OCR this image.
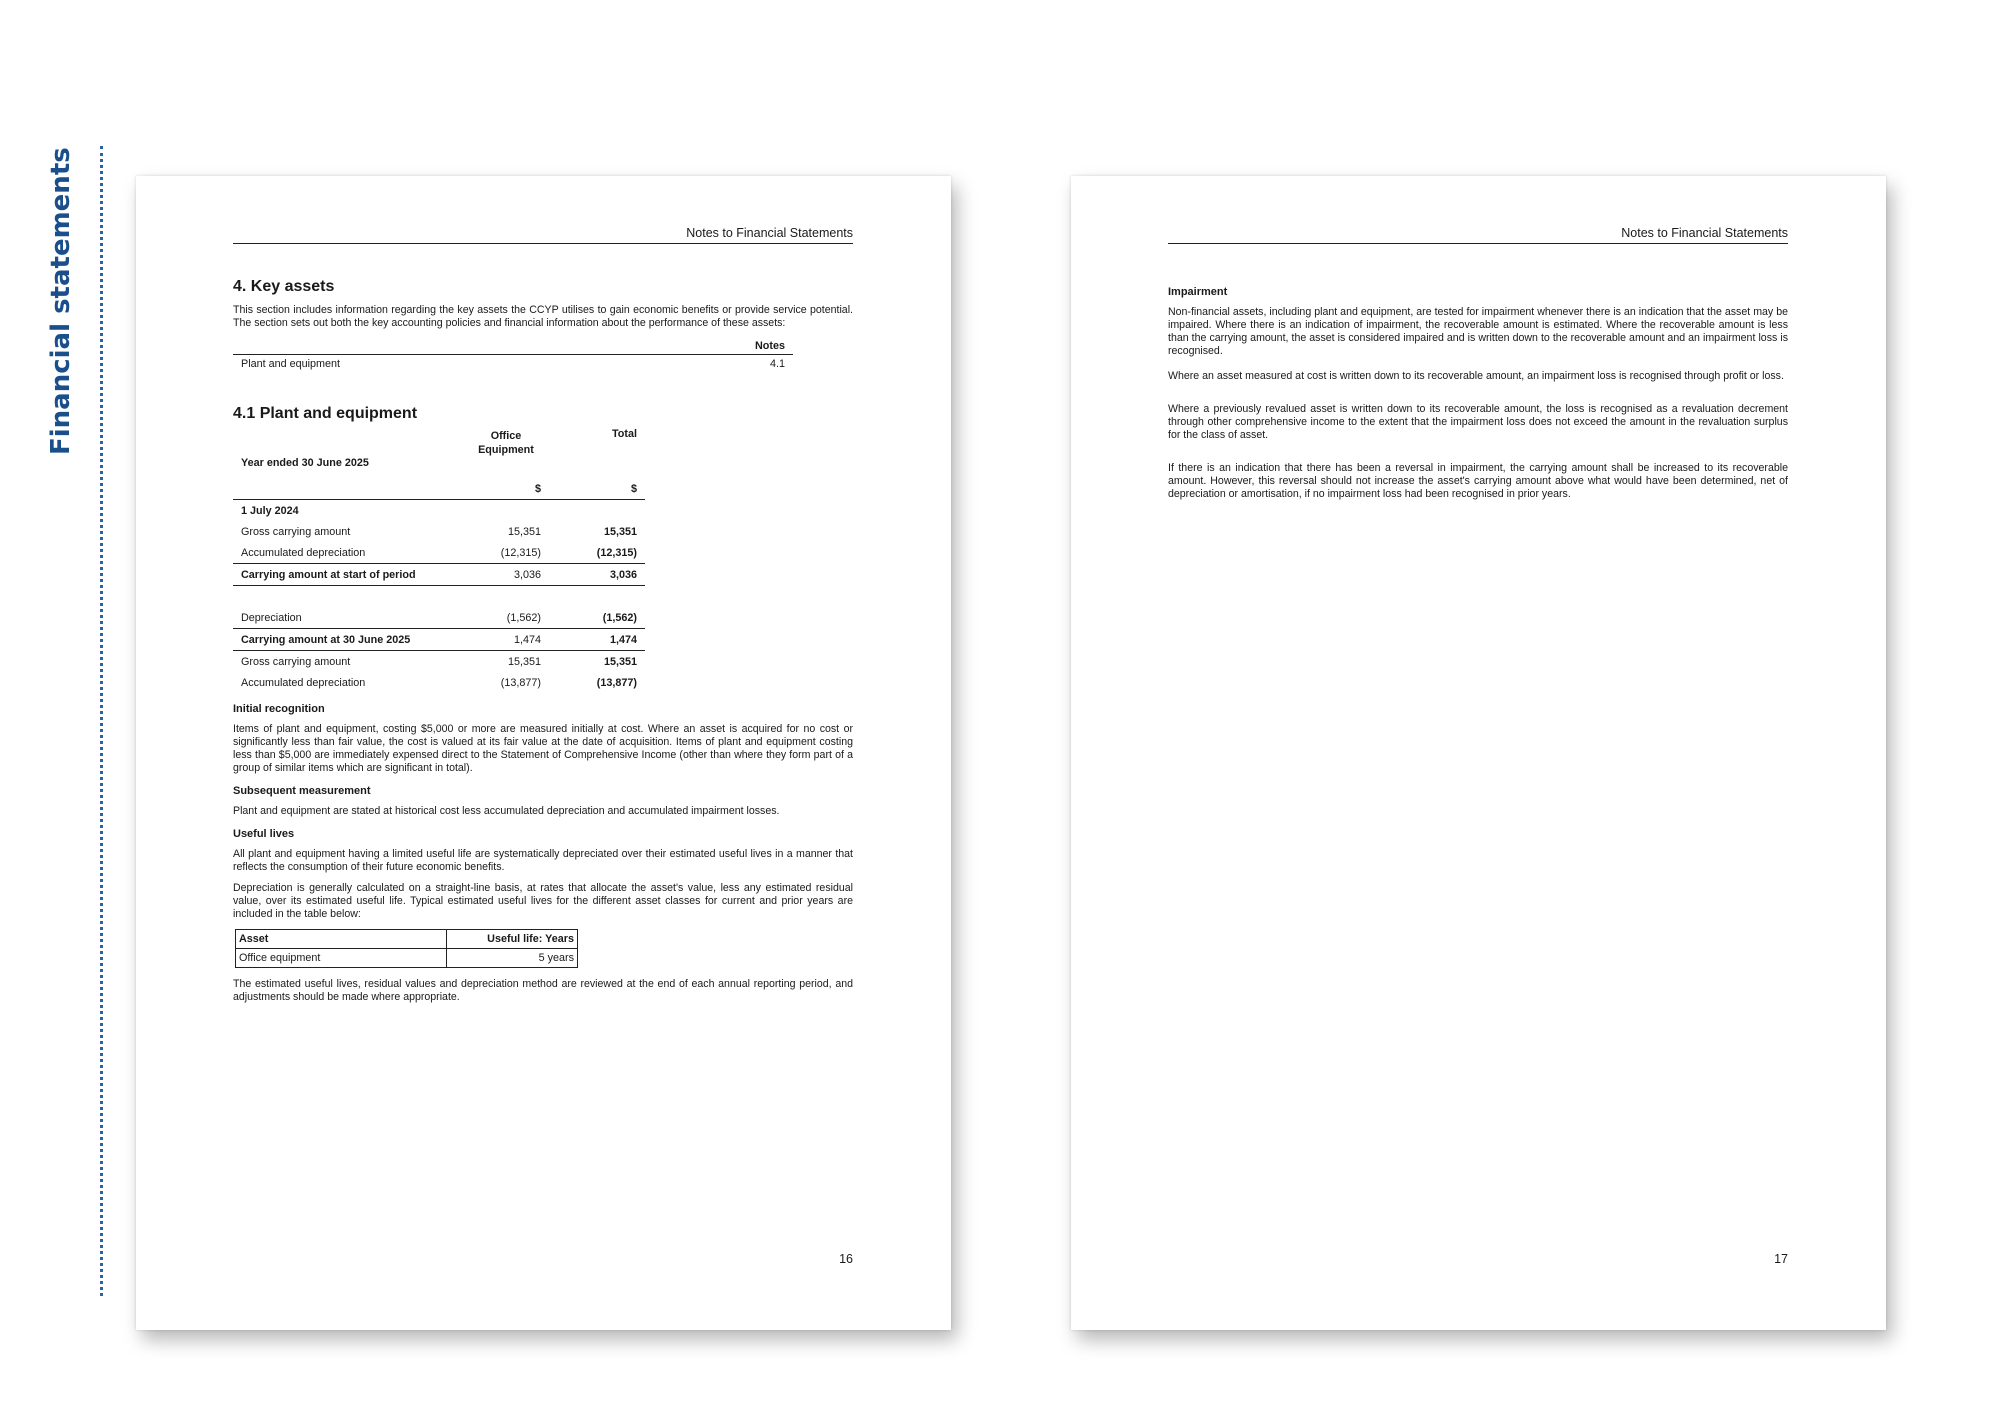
Financial statements	Notes to Financial Statements
4. Key assets

This section includes information regarding the key assets the CCYP utilises to gain economic benefits or provide service potential. The section sets out both the key accounting policies and financial information about the performance of these assets:

Notes
Plant and equipment	4.1
4.1 Plant and equipment
	Office Equipment	Total
Year ended 30 June 2025		
	$	$
1 July 2024		
Gross carrying amount	15,351	15,351
Accumulated depreciation	(12,315)	(12,315)
Carrying amount at start of period	3,036	3,036

Depreciation	(1,562)	(1,562)
Carrying amount at 30 June 2025	1,474	1,474
Gross carrying amount	15,351	15,351
Accumulated depreciation	(13,877)	(13,877)

Initial recognition

Items of plant and equipment, costing $5,000 or more are measured initially at cost. Where an asset is acquired for no cost or significantly less than fair value, the cost is valued at its fair value at the date of acquisition. Items of plant and equipment costing less than $5,000 are immediately expensed direct to the Statement of Comprehensive Income (other than where they form part of a group of similar items which are significant in total).

Subsequent measurement

Plant and equipment are stated at historical cost less accumulated depreciation and accumulated impairment losses.

Useful lives

All plant and equipment having a limited useful life are systematically depreciated over their estimated useful lives in a manner that reflects the consumption of their future economic benefits.

Depreciation is generally calculated on a straight-line basis, at rates that allocate the asset's value, less any estimated residual value, over its estimated useful life. Typical estimated useful lives for the different asset classes for current and prior years are included in the table below:

Asset	Useful life: Years
Office equipment	5 years

The estimated useful lives, residual values and depreciation method are reviewed at the end of each annual reporting period, and adjustments should be made where appropriate.

16
Notes to Financial Statements

Impairment

Non-financial assets, including plant and equipment, are tested for impairment whenever there is an indication that the asset may be impaired. Where there is an indication of impairment, the recoverable amount is estimated. Where the recoverable amount is less than the carrying amount, the asset is considered impaired and is written down to the recoverable amount and an impairment loss is recognised.

Where an asset measured at cost is written down to its recoverable amount, an impairment loss is recognised through profit or loss.

Where a previously revalued asset is written down to its recoverable amount, the loss is recognised as a revaluation decrement through other comprehensive income to the extent that the impairment loss does not exceed the amount in the revaluation surplus for the class of asset.

If there is an indication that there has been a reversal in impairment, the carrying amount shall be increased to its recoverable amount. However, this reversal should not increase the asset's carrying amount above what would have been determined, net of depreciation or amortisation, if no impairment loss had been recognised in prior years.

17
